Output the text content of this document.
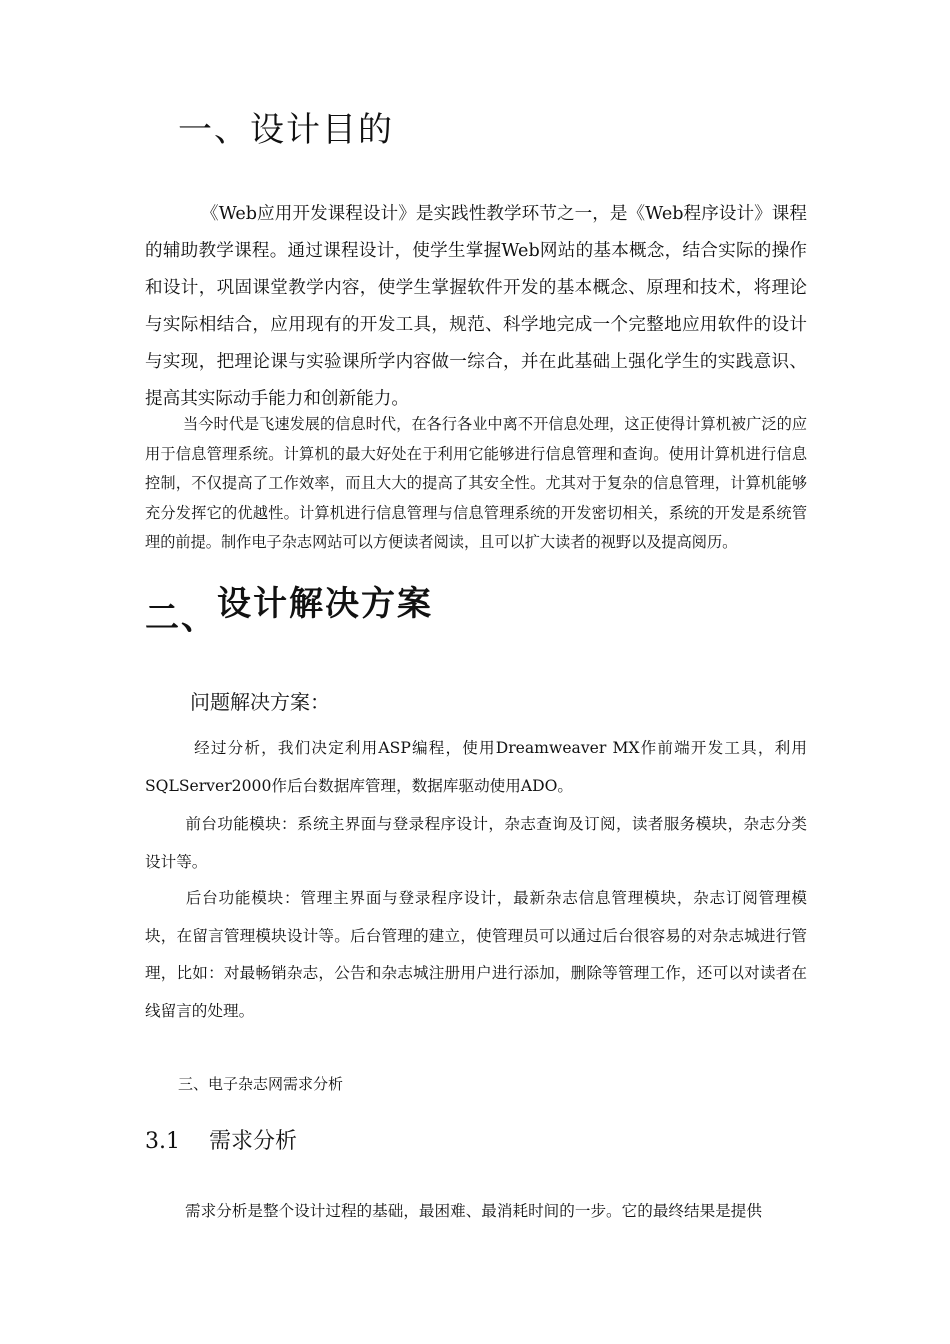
一、设计目的

《Web应用开发课程设计》是实践性教学环节之一，是《Web程序设计》课程的辅助教学课程。通过课程设计，使学生掌握Web网站的基本概念，结合实际的操作和设计，巩固课堂教学内容，使学生掌握软件开发的基本概念、原理和技术，将理论与实际相结合，应用现有的开发工具，规范、科学地完成一个完整地应用软件的设计与实现，把理论课与实验课所学内容做一综合，并在此基础上强化学生的实践意识、提高其实际动手能力和创新能力。

当今时代是飞速发展的信息时代，在各行各业中离不开信息处理，这正使得计算机被广泛的应用于信息管理系统。计算机的最大好处在于利用它能够进行信息管理和查询。使用计算机进行信息控制，不仅提高了工作效率，而且大大的提高了其安全性。尤其对于复杂的信息管理，计算机能够充分发挥它的优越性。计算机进行信息管理与信息管理系统的开发密切相关，系统的开发是系统管理的前提。制作电子杂志网站可以方便读者阅读，且可以扩大读者的视野以及提高阅历。

二、设计解决方案
问题解决方案：

经过分析，我们决定利用ASP编程，使用Dreamweaver MX作前端开发工具，利用SQLServer2000作后台数据库管理，数据库驱动使用ADO。

前台功能模块：系统主界面与登录程序设计，杂志查询及订阅，读者服务模块，杂志分类设计等。

后台功能模块：管理主界面与登录程序设计，最新杂志信息管理模块，杂志订阅管理模块，在留言管理模块设计等。后台管理的建立，使管理员可以通过后台很容易的对杂志城进行管理，比如：对最畅销杂志，公告和杂志城注册用户进行添加，删除等管理工作，还可以对读者在线留言的处理。

三、电子杂志网需求分析
3.1 需求分析

需求分析是整个设计过程的基础，最困难、最消耗时间的一步。它的最终结果是提供
